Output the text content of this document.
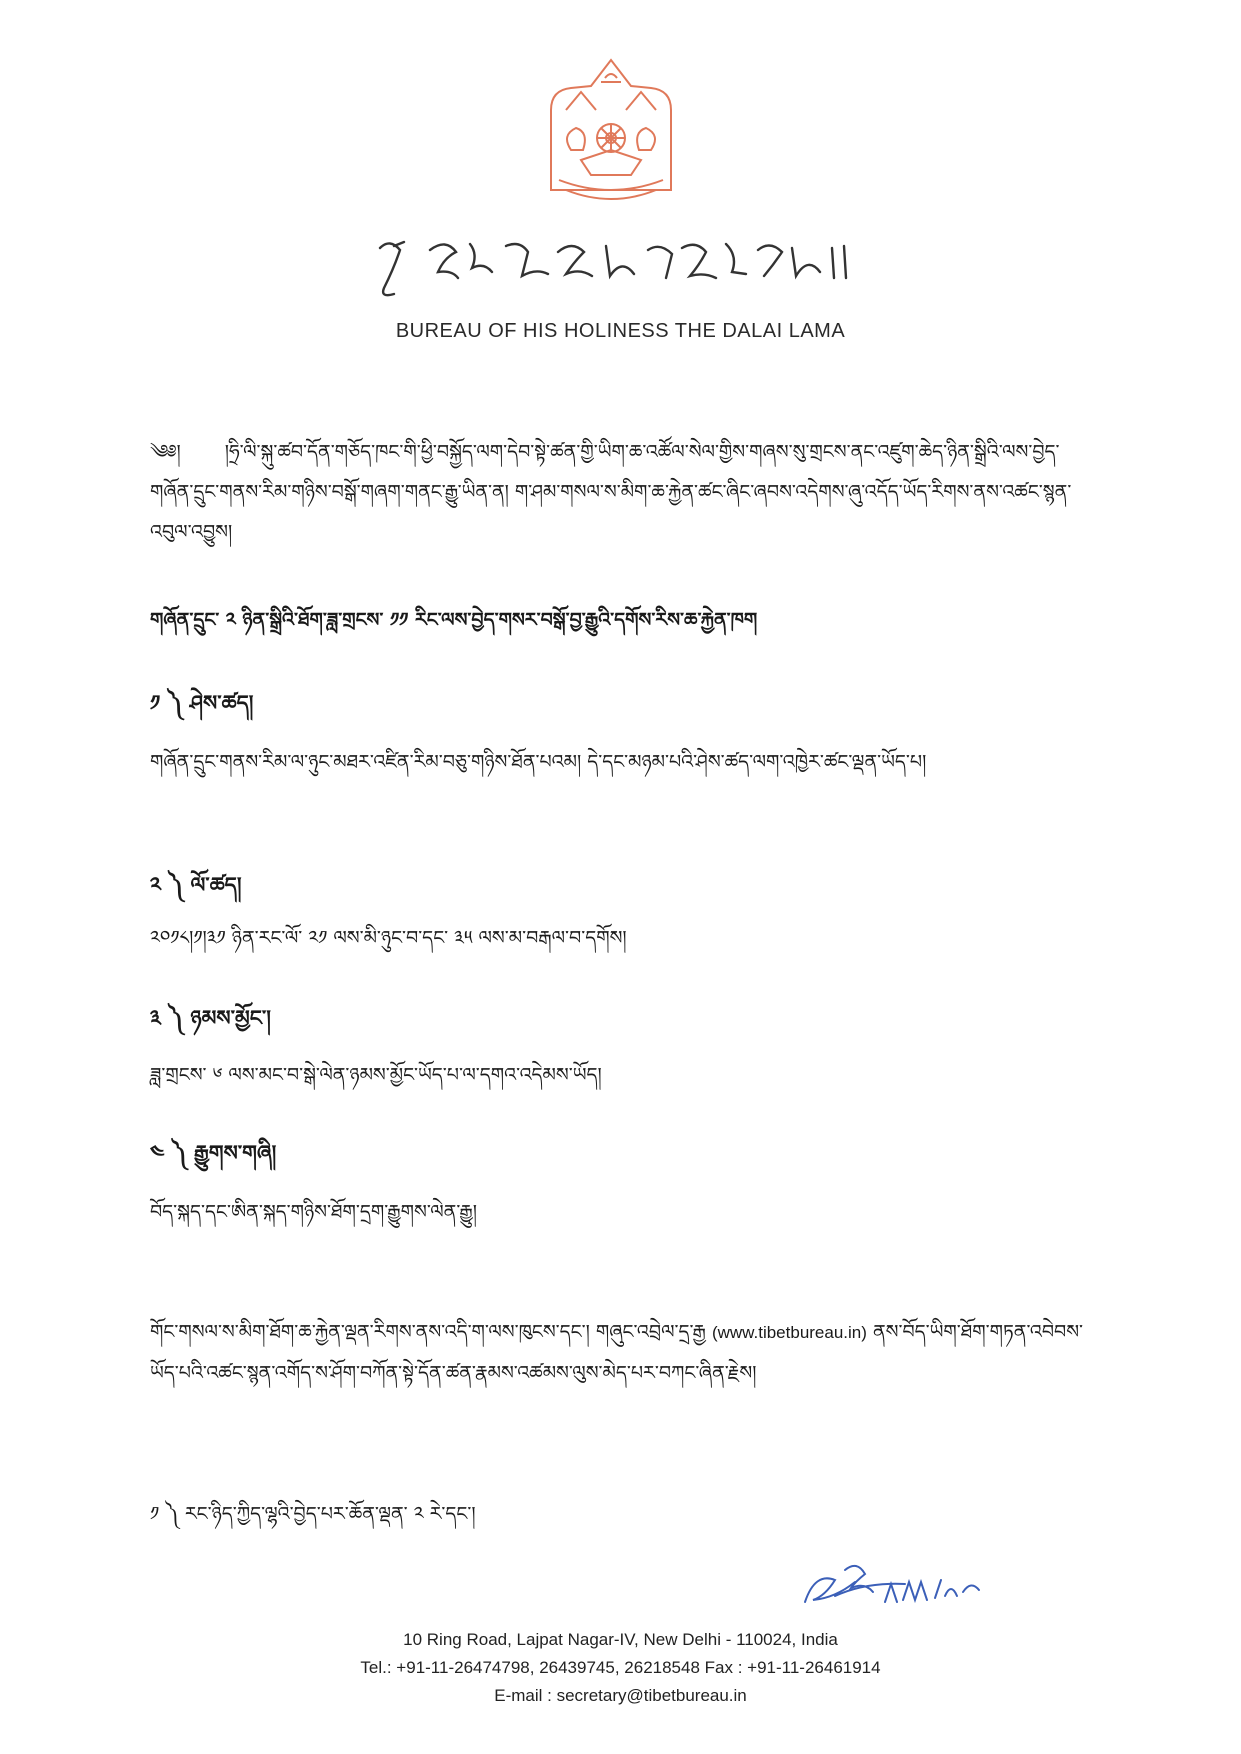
BUREAU OF HIS HOLINESS THE DALAI LAMA
༄༅། །ཧྲི་ལི་སྐུ་ཚབ་དོན་གཅོད་ཁང་གི་ཕྱི་བསྐྱོད་ལག་དེབ་སྟེ་ཚན་གྱི་ཡིག་ཆ་འཚོལ་སེལ་གྱིས་གཞས་སུ་གྲངས་ནང་འཛུག་ཆེད་ཉིན་སྒྲིའི་ལས་བྱེད་གཞོན་དྲུང་གནས་རིམ་གཉིས་བསྒོ་གཞག་གནང་རྒྱུ་ཡིན་ན། ག་ཤམ་གསལ་ས་མིག་ཆ་རྐྱེན་ཚང་ཞིང་ཞབས་འདེགས་ཞུ་འདོད་ཡོད་རིགས་ནས་འཚང་སྙན་འབུལ་འབྱུས།
གཞོན་དྲུང་ ༢ ཉིན་སྒྲིའི་ཐོག་ཟླ་གྲངས་ ༡༡ རིང་ལས་བྱེད་གསར་བསྒོ་བྱ་རྒྱུའི་དགོས་རིས་ཆ་རྐྱེན་ཁག
༡ ༽ ཤེས་ཚད།
གཞོན་དྲུང་གནས་རིམ་ལ་ཉུང་མཐར་འཛིན་རིམ་བཅུ་གཉིས་ཐོན་པའམ། དེ་དང་མཉམ་པའི་ཤེས་ཚད་ལག་འཁྱེར་ཚང་ལྡན་ཡོད་པ།
༢ ༽ ལོ་ཚད།
༢༠༡༨།༡།༣༡ ཉིན་རང་ལོ་ ༢༡ ལས་མི་ཉུང་བ་དང་ ༣༥ ལས་མ་བརྒལ་བ་དགོས།
༣ ༽ ཉམས་མྱོང་།
ཟླ་གྲངས་ ༦ ལས་མང་བ་སྒེ་ལེན་ཉམས་མྱོང་ཡོད་པ་ལ་དགའ་འདེམས་ཡོད།
༤ ༽ རྒྱུགས་གཞི།
བོད་སྐད་དང་ཨིན་སྐད་གཉིས་ཐོག་དྲག་རྒྱུགས་ལེན་རྒྱུ།
གོང་གསལ་ས་མིག་ཐོག་ཆ་རྐྱེན་ལྡན་རིགས་ནས་འདི་ག་ལས་ཁུངས་དང་། གཞུང་འབྲེལ་དྲ་རྒྱ (www.tibetbureau.in) ནས་བོད་ཡིག་ཐོག་གཏན་འབེབས་ཡོད་པའི་འཚང་སྙན་འགོད་ས་ཤོག་བཀོན་སྟེ་དོན་ཚན་རྣམས་འཚམས་ལུས་མེད་པར་བཀང་ཞིན་རྗེས།
༡ ༽ རང་ཉིད་ཀྱིད་ལྷའི་བྱེད་པར་ཆོན་ལྡན་ ༢ རེ་དང་།
10 Ring Road, Lajpat Nagar-IV, New Delhi - 110024, India
Tel.: +91-11-26474798, 26439745, 26218548 Fax : +91-11-26461914
E-mail : secretary@tibetbureau.in
